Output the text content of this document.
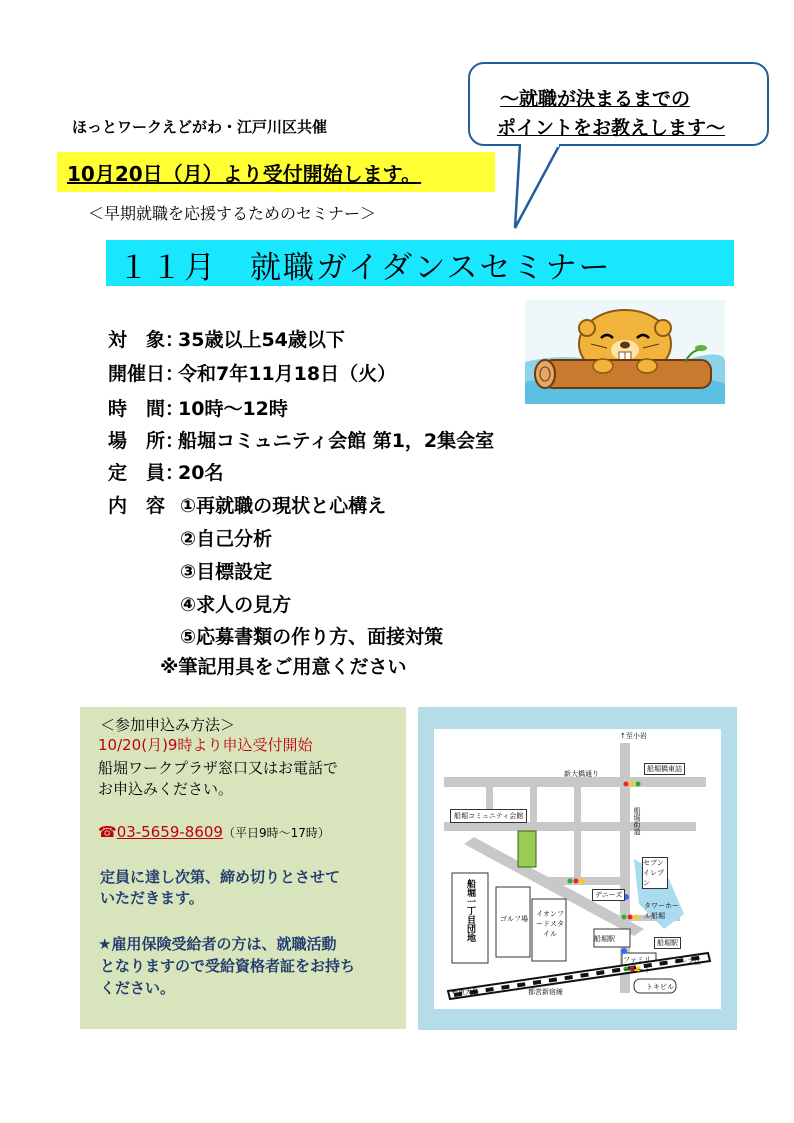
ほっとワークえどがわ・江戸川区共催
10月20日（月）より受付開始します。
＜早期就職を応援するためのセミナー＞
１１月　就職ガイダンスセミナー
～就職が決まるまでの
ポイントをお教えします～
対　象：35歳以上54歳以下
開催日：令和7年11月18日（火）
時　間：10時～12時
場　所：船堀コミュニティ会館 第1，2集会室
定　員：20名
内　容 ①再就職の現状と心構え
②自己分析
③目標設定
④求人の見方
⑤応募書類の作り方、面接対策
※筆記用具をご用意ください
＜参加申込み方法＞
10/20(月)9時より申込受付開始
船堀ワークプラザ窓口又はお電話で
お申込みください。
☎03-5659-8609（平日9時～17時）
定員に達し次第、締め切りとさせて
いただきます。
★雇用保険受給者の方は、就職活動
となりますので受給資格者証をお持ち
ください。
↑至小岩
船堀橋東詰
新大橋通り
船堀街道
船堀コミュニティ会館
セブンイレブン
デニーズ
タワーホール船堀
船堀駅	船堀駅
ファミリーマート
→一之江
ゴルフ場
イオンフードスタイル
船堀一丁目団地
←東大島	都営新宿線
トキビル
